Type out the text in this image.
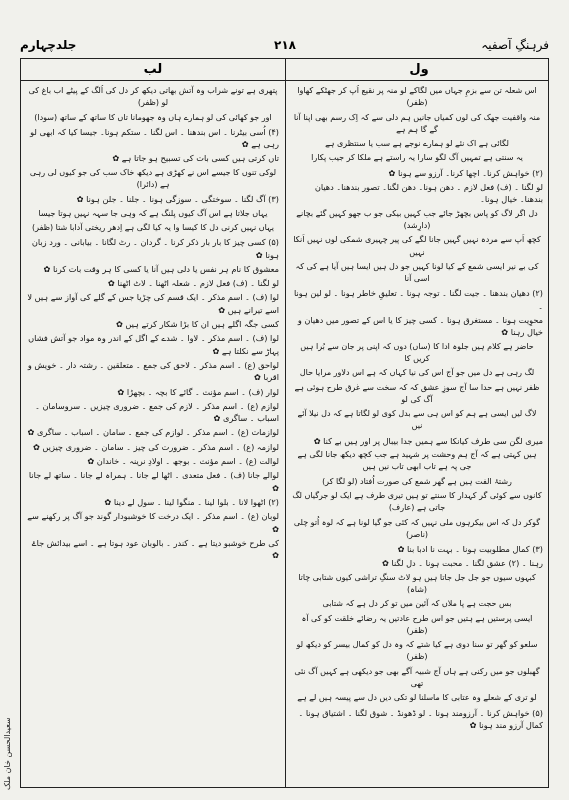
جلدچہارم	۲۱۸	فرہنگِ آصفیہ
لب	ول

اس شعلہ تن سے بزمِ جہاں میں لگاکے لو منہ پر نقیع اُپ کر جھٹکے کھاوا (ظفر)

منہ واقفیت جھک کی لوں کمیاں جانیں ہم دلی سے کہ اِک رسم بھی اپنا آنا گے گا ہم ہے

لگائی ہے اک نئے لو ہمارے نوجے ہے سب یا سنتظری ہے

یہ سنتی ہے تمہیں آگ لگو سارا یہ راستے ہے ملکا کر جیب پکارا

(۲) خواہش کرنا۔ اچھا کرنا۔ آرزو سے ہونا ✿

لو لگنا ۔ (ف) فعل لازم ۔ دھن ہونا۔ دھن لگنا۔ تصور بندھنا۔ دھیان بندھنا۔ خیال ہونا۔

دل اگر لاگ کو پاس بچھڑ جائے جب کہیں بیکی جو ب جھو کہیں گئے بچانے (دارِشد)

کچھ اَپ سے مردہ نہیں گہیں جانا لگے کی پیر چہیری شمکی لوں نہیں اَنکا نہیں

کی بے نیر ایسی شمع کے کیا لونا کہیں جو دل ہیں ایسا ہیں آیا ہے کی کہ اسی آنا

(۲) دھیان بندھنا ۔ جیت لگنا ۔ توجہ ہونا ۔ تعلیقِ خاطر ہونا ۔ لو لین ہونا ۔

محوِیت ہونا ۔ مستغرق ہونا ۔ کسی چیز کا یا اس کے تصور میں دھیان و خیال رہنا ✿

حاضر ہے کلام ہیں جلوہ ادا کا (ساں) دوں کہ اپنی پر جان سے بُرا ہیں کریں کا

لگ رہی ہے دل میں جو آج اس کی نیا کہاں کہ ہے اس دلاور مرایا حال

ظفر نہیں ہے حدا سا آج سوزِ عشق کہ کہ سخت سے غرق طرح ہوئی ہے آگ کی لو

لاگ لیں ایسی ہے ہم کو اس ہی سے بدل کوی لو لگاتا ہے کہ دل نیلا آئے نیں

میری لگن سی طرف کیانکا سے ہمیں جدا بیبال پر اور ہیں بے کنا ✿

ہیں کہتی ہے کہ آج ہم وحشت پر شہید ہے جب کچھ دیکھ جانا لگی ہے جی پہ ہے تاب ابھی تاب نیں ہیں

رشتۂ الفت ہیں ہے گھر شمع کی صورت اُفتاد (لو لگا کر)

کانوں سے کوئی گر کہدار کا سنتے تو ہیں تیری طرف ہے ایک لو جرگیاں لگ جاتی ہے (عارف)

گوکر دل کہ اس بیکرہوں ملی نہیں کہ کئی جو گیا لونا ہے کہ لوہ اُتو چلی (ناصر)

(۳) کمال مطلوبیت ہونا ۔ بہت نا ادبا بنا ✿

رہنا ۔ (۲) عشق لگنا ۔ محبت ہونا ۔ دل لگنا ✿

کبہوں سیوں جو جل جل جاتا ہیں ہو لاٹ سنگِ تراشی کیوں شتابی چاتا (شاہ)

بس حجت ہے پا ملاں کہ آئین میں تو کر دل ہے کہ شتابی

ایسی پرستیں ہے ہتیں جو اس طرح عادتیں یہ رضائے خلقت کو کی آہ (ظفر)

سلعو کو گھر تو سنا دوی ہے کیا شتے کہ وہ دل کو کمال بیسر کو دیکھ لو (ظفر)

گھبلوں جو میں رکنی ہے ہاں آج شبیہ آگے بھی جو دیکھی ہے کہیں آگ نئی تھی

لو تری کے شعلے وہ عتابی کا ماسلنا لو تکی دیں دل سے پیسہ ہیں لے ہے

(۵) خواہش کرنا ۔ آرزومند ہونا ۔ لو ڈھونڈ ۔ شوق لگنا ۔ اشتیاق ہونا ۔ کمال آرزو مند ہونا ✿

پتھری ہے تونے شراب وہ آتش بھاتی دیکھ کر دل کی اُلگ کے پیٹے اب باغ کی لو (ظفر)

اور جو کھائی کی لو ہمارے ہاں وہ جھومانا تاں کا ساتھ کے ساتھ (سودا)

(۴) اُسی بیٹرنا ۔ اس بندھنا ۔ اس لگنا ۔ ستکم ہونا۔ جیسا کیا کہ ابھی لو رہی ہے ✿

تاں کرتی ہیں کسی بات کی تسبیح ہو جاتا ہے ✿

لوکی تنوں کا جیسے اس نے کھڑی ہے دیکھ خاک سب کی جو کیوں لی رہی ہے (دائرا)

(۳) آگ لگنا ۔ سوختگی ۔ سوزگی ہونا ۔ جلنا ۔ جلن ہونا ✿

یہاں جلاتا ہے اس آگ کیوں پلنگ ہے کہ وہی جا سہہ نہیں ہوتا جیسا

یہاں نہیں کرنی دل کا کیسا وا یہ کیا لگی ہے اِدھر ریختی آدابا شتا (ظفر)

(۵) کسی چیز کا بار بار ذکر کرنا ۔ گردان ۔ رٹ لگانا ۔ بیابانی ۔ ورد زبان ہونا ✿

معشوق کا نام ہر نفس یا دلی ہیں آنا یا کسی کا ہر وقت بات کرنا ✿

لو لگنا ۔ (ف) فعل لازم ۔ شعلہ اٹھنا ۔ لاٹ اٹھنا ✿

لوا (ف) ۔ اسم مذکر ۔ ایک قسم کی چڑیا جس کے گلے کی آواز سے ہیں لا اسے تیرانے ہیں ✿

کسی جگہ اگلے ہیں ان کا بڑا شکار کرتے ہیں ✿

لوا (ف) ۔ اسم مذکر ۔ لاوا ۔ شدے کے اگل کے اندر وہ مواد جو آتش فشاں پہاڑ سے نکلتا ہے ✿

لواحق (ع) ۔ اسم مذکر ۔ لاحق کی جمع ۔ متعلقین ۔ رشتہ دار ۔ خویش و اقربا ✿

لوار (ف) ۔ اسم مؤنث ۔ گائے کا بچہ ۔ بچھڑا ✿

لوازم (ع) ۔ اسم مذکر ۔ لازم کی جمع ۔ ضروری چیزیں ۔ سروسامان ۔ اسباب ۔ ساگری ✿

لوازمات (ع) ۔ اسم مذکر ۔ لوازم کی جمع ۔ سامان ۔ اسباب ۔ ساگری ✿

لوازمہ (ع) ۔ اسم مذکر ۔ ضرورت کی چیز ۔ سامان ۔ ضروری چیزیں ✿

لوالت (ع) ۔ اسم مؤنث ۔ بوجھ ۔ اولادِ نرینہ ۔ خاندان ✿

لوالے جانا (ف) ۔ فعل متعدی ۔ اٹھا لے جانا ۔ ہمراہ لے جانا ۔ ساتھ لے جانا ✿

(۲) اٹھوا لانا ۔ بلوا لینا ۔ منگوا لینا ۔ سول لے دینا ✿

لوبان (ع) ۔ اسم مذکر ۔ ایک درخت کا خوشبودار گوند جو آگ پر رکھنے سے ✿

کی طرح خوشبو دیتا ہے ۔ کندر ۔ بالوبان عود ہوتا ہے ۔ اسے بیدائش جاۓ ✿

سعیدالحسن خان ملک
